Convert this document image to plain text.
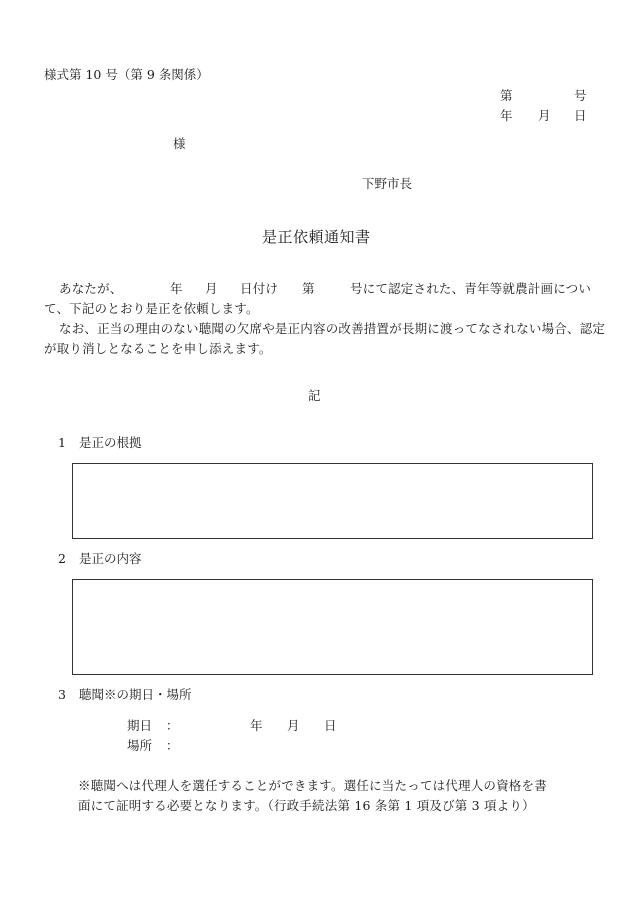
様式第 10 号（第 9 条関係）
第	号
年 月 日
様
下野市長
是正依頼通知書
あなたが、	年 月 日付け 第	号にて認定された、青年等就農計画につい
て、下記のとおり是正を依頼します。
なお、正当の理由のない聴聞の欠席や是正内容の改善措置が長期に渡ってなされない場合、認定
が取り消しとなることを申し添えます。
記
1 是正の根拠
2 是正の内容
3 聴聞※の期日・場所
期日 ：	年 月 日
場所 ：
※聴聞へは代理人を選任することができます。選任に当たっては代理人の資格を書
面にて証明する必要となります。（行政手続法第 16 条第 1 項及び第 3 項より）
